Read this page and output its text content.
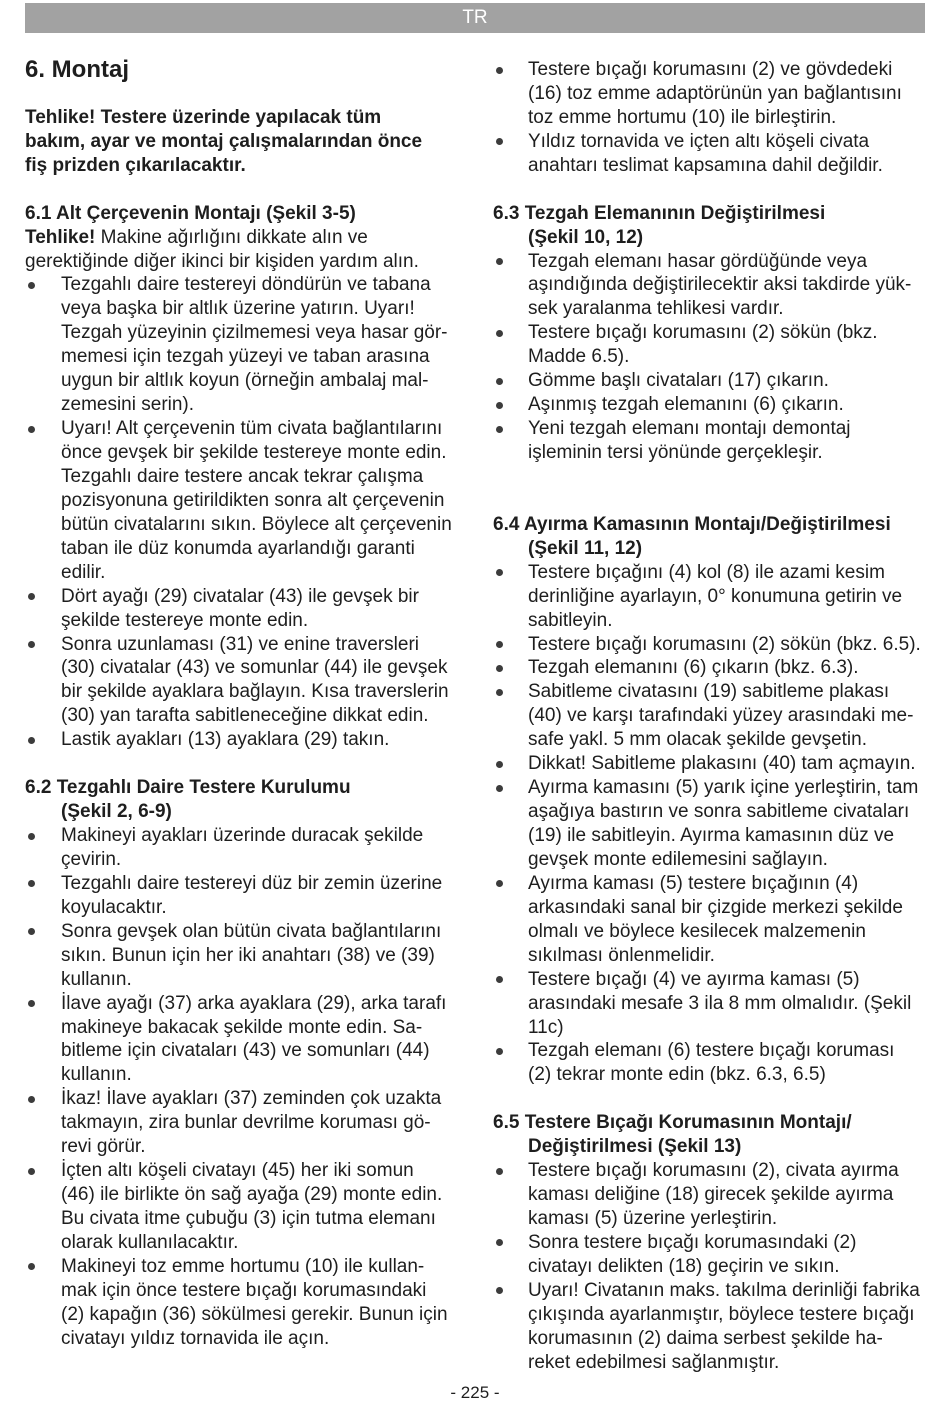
TR
6. Montaj
Tehlike! Testere üzerinde yapılacak tüm
bakım, ayar ve montaj çalışmalarından önce
fiş prizden çıkarılacaktır.
6.1 Alt Çerçevenin Montajı (Şekil 3-5)
Tehlike! Makine ağırlığını dikkate alın ve
gerektiğinde diğer ikinci bir kişiden yardım alın.
Tezgahlı daire testereyi döndürün ve tabana
veya başka bir altlık üzerine yatırın. Uyarı!
Tezgah yüzeyinin çizilmemesi veya hasar gör-
memesi için tezgah yüzeyi ve taban arasına
uygun bir altlık koyun (örneğin ambalaj mal-
zemesini serin).
Uyarı! Alt çerçevenin tüm civata bağlantılarını
önce gevşek bir şekilde testereye monte edin.
Tezgahlı daire testere ancak tekrar çalışma
pozisyonuna getirildikten sonra alt çerçevenin
bütün civatalarını sıkın. Böylece alt çerçevenin
taban ile düz konumda ayarlandığı garanti
edilir.
Dört ayağı (29) civatalar (43) ile gevşek bir
şekilde testereye monte edin.
Sonra uzunlaması (31) ve enine traversleri
(30) civatalar (43) ve somunlar (44) ile gevşek
bir şekilde ayaklara bağlayın. Kısa traverslerin
(30) yan tarafta sabitleneceğine dikkat edin.
Lastik ayakları (13) ayaklara (29) takın.
6.2 Tezgahlı Daire Testere Kurulumu
(Şekil 2, 6-9)
Makineyi ayakları üzerinde duracak şekilde
çevirin.
Tezgahlı daire testereyi düz bir zemin üzerine
koyulacaktır.
Sonra gevşek olan bütün civata bağlantılarını
sıkın. Bunun için her iki anahtarı (38) ve (39)
kullanın.
İlave ayağı (37) arka ayaklara (29), arka tarafı
makineye bakacak şekilde monte edin. Sa-
bitleme için civataları (43) ve somunları (44)
kullanın.
İkaz! İlave ayakları (37) zeminden çok uzakta
takmayın, zira bunlar devrilme koruması gö-
revi görür.
İçten altı köşeli civatayı (45) her iki somun
(46) ile birlikte ön sağ ayağa (29) monte edin.
Bu civata itme çubuğu (3) için tutma elemanı
olarak kullanılacaktır.
Makineyi toz emme hortumu (10) ile kullan-
mak için önce testere bıçağı korumasındaki
(2) kapağın (36) sökülmesi gerekir. Bunun için
civatayı yıldız tornavida ile açın.
Testere bıçağı korumasını (2) ve gövdedeki
(16) toz emme adaptörünün yan bağlantısını
toz emme hortumu (10) ile birleştirin.
Yıldız tornavida ve içten altı köşeli civata
anahtarı teslimat kapsamına dahil değildir.
6.3 Tezgah Elemanının Değiştirilmesi
(Şekil 10, 12)
Tezgah elemanı hasar gördüğünde veya
aşındığında değiştirilecektir aksi takdirde yük-
sek yaralanma tehlikesi vardır.
Testere bıçağı korumasını (2) sökün (bkz.
Madde 6.5).
Gömme başlı civataları (17) çıkarın.
Aşınmış tezgah elemanını (6) çıkarın.
Yeni tezgah elemanı montajı demontaj
işleminin tersi yönünde gerçekleşir.
6.4 Ayırma Kamasının Montajı/Değiştirilmesi
(Şekil 11, 12)
Testere bıçağını (4) kol (8) ile azami kesim
derinliğine ayarlayın, 0° konumuna getirin ve
sabitleyin.
Testere bıçağı korumasını (2) sökün (bkz. 6.5).
Tezgah elemanını (6) çıkarın (bkz. 6.3).
Sabitleme civatasını (19) sabitleme plakası
(40) ve karşı tarafındaki yüzey arasındaki me-
safe yakl. 5 mm olacak şekilde gevşetin.
Dikkat! Sabitleme plakasını (40) tam açmayın.
Ayırma kamasını (5) yarık içine yerleştirin, tam
aşağıya bastırın ve sonra sabitleme civataları
(19) ile sabitleyin. Ayırma kamasının düz ve
gevşek monte edilemesini sağlayın.
Ayırma kaması (5) testere bıçağının (4)
arkasındaki sanal bir çizgide merkezi şekilde
olmalı ve böylece kesilecek malzemenin
sıkılması önlenmelidir.
Testere bıçağı (4) ve ayırma kaması (5)
arasındaki mesafe 3 ila 8 mm olmalıdır. (Şekil
11c)
Tezgah elemanı (6) testere bıçağı koruması
(2) tekrar monte edin (bkz. 6.3, 6.5)
6.5 Testere Bıçağı Korumasının Montajı/
Değiştirilmesi (Şekil 13)
Testere bıçağı korumasını (2), civata ayırma
kaması deliğine (18) girecek şekilde ayırma
kaması (5) üzerine yerleştirin.
Sonra testere bıçağı korumasındaki (2)
civatayı delikten (18) geçirin ve sıkın.
Uyarı! Civatanın maks. takılma derinliği fabrika
çıkışında ayarlanmıştır, böylece testere bıçağı
korumasının (2) daima serbest şekilde ha-
reket edebilmesi sağlanmıştır.
- 225 -
